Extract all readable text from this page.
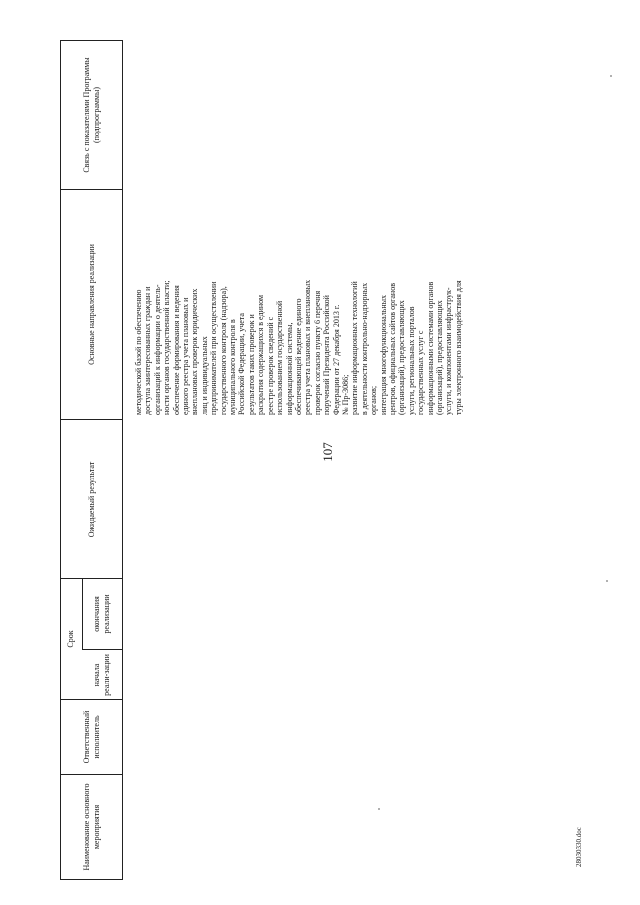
107
28030330.doc
Наименование основного мероприятия
Ответственный исполнитель
Срок
начала реали-зации
окончания реализации
Ожидаемый результат
Основные направления реализации
Связь с показателями Программы (подпрограммы)
методической базой по обеспечению доступа заинтересованных граждан и организаций к информации о деятель- ности органов государственной власти; обеспечение формирования и ведения единого реестра учета плановых и внеплановых проверок юридических лиц и индивидуальных предпринимателей при осуществлении государственного контроля (надзора), муниципального контроля в Российской Федерации, учета результатов таких проверок и раскрытия содержащихся в едином реестре проверок сведений с использованием государственной информационной системы, обеспечивающей ведение единого реестра учета плановых и внеплановых проверок согласно пункту 6 перечня поручений Президента Российской Федерации от 27 декабря 2013 г. № Пр-3086; развитие информационных технологий в деятельности контрольно-надзорных органов; интеграция многофункциональных центров, официальных сайтов органов (организаций), предоставляющих услуги, региональных порталов государственных услуг с информационными системами органов (организаций), предоставляющих услуги, и компонентами инфраструк- туры электронного взаимодействия для
